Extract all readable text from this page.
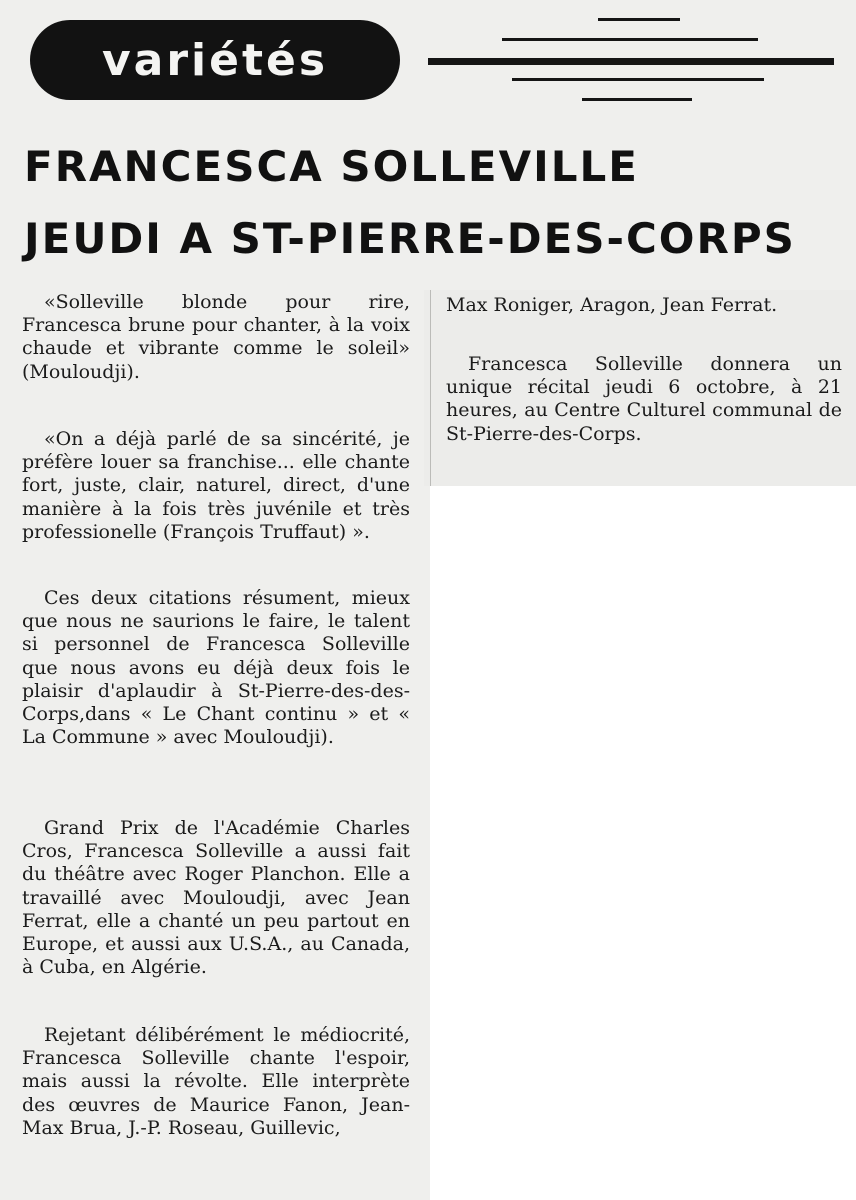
variétés
FRANCESCA SOLLEVILLE
JEUDI A ST-PIERRE-DES-CORPS

«Solleville blonde pour rire, Francesca brune pour chanter, à la voix chaude et vibrante comme le soleil» (Mouloudji).

«On a déjà parlé de sa sincérité, je préfère louer sa franchise... elle chante fort, juste, clair, naturel, direct, d'une manière à la fois très juvénile et très professionelle (François Truffaut) ».

Ces deux citations résument, mieux que nous ne saurions le faire, le talent si personnel de Francesca Solleville que nous avons eu déjà deux fois le plaisir d'aplaudir à St-Pierre-des-des-Corps,dans « Le Chant continu » et « La Commune » avec Mouloudji).

Grand Prix de l'Académie Charles Cros, Francesca Solleville a aussi fait du théâtre avec Roger Planchon. Elle a travaillé avec Mouloudji, avec Jean Ferrat, elle a chanté un peu partout en Europe, et aussi aux U.S.A., au Canada, à Cuba, en Algérie.

Rejetant délibérément le médiocrité, Francesca Solleville chante l'espoir, mais aussi la révolte. Elle interprète des œuvres de Maurice Fanon, Jean-Max Brua, J.-P. Roseau, Guillevic,

Max Roniger, Aragon, Jean Ferrat.

Francesca Solleville donnera un unique récital jeudi 6 octobre, à 21 heures, au Centre Culturel communal de St-Pierre-des-Corps.
